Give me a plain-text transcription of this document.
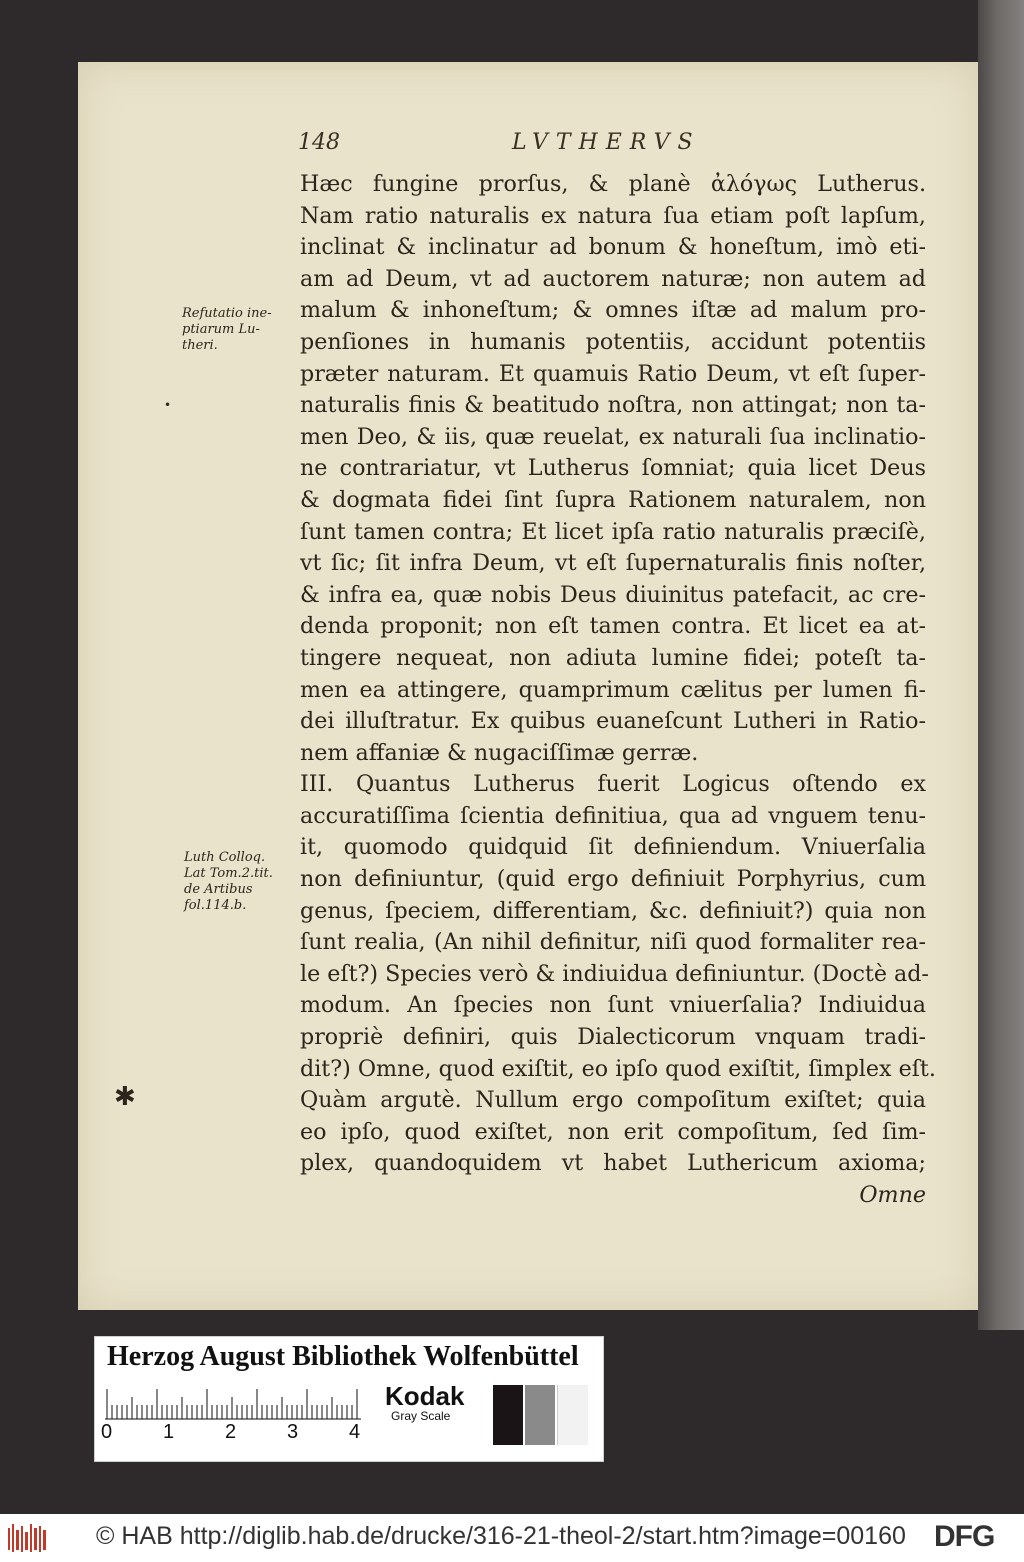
148	LVTHERVS
Refutatio ine-
ptiarum Lu-
theri.
•
Luth Colloq.
Lat Tom.2.tit.
de Artibus
fol.114.b.
✱
Hæc fungine prorſus, & planè ἀλόγως Lutherus.
Nam ratio naturalis ex natura ſua etiam poſt lapſum,
inclinat & inclinatur ad bonum & honeſtum, imò eti-
am ad Deum, vt ad auctorem naturæ; non autem ad
malum & inhoneſtum; & omnes iſtæ ad malum pro-
penſiones in humanis potentiis, accidunt potentiis
præter naturam. Et quamuis Ratio Deum, vt eſt ſuper-
naturalis finis & beatitudo noſtra, non attingat; non ta-
men Deo, & iis, quæ reuelat, ex naturali ſua inclinatio-
ne contrariatur, vt Lutherus ſomniat; quia licet Deus
& dogmata fidei ſint ſupra Rationem naturalem, non
ſunt tamen contra; Et licet ipſa ratio naturalis præciſè,
vt ſic; ſit infra Deum, vt eſt ſupernaturalis finis noſter,
& infra ea, quæ nobis Deus diuinitus patefacit, ac cre-
denda proponit; non eſt tamen contra. Et licet ea at-
tingere nequeat, non adiuta lumine fidei; poteſt ta-
men ea attingere, quamprimum cælitus per lumen fi-
dei illuſtratur. Ex quibus euaneſcunt Lutheri in Ratio-
nem affaniæ & nugaciſſimæ gerræ.
III. Quantus Lutherus fuerit Logicus oſtendo ex
accuratiſſima ſcientia definitiua, qua ad vnguem tenu-
it, quomodo quidquid ſit definiendum. Vniuerſalia
non definiuntur, (quid ergo definiuit Porphyrius, cum
genus, ſpeciem, differentiam, &c. definiuit?) quia non
ſunt realia, (An nihil definitur, niſi quod formaliter rea-
le eſt?) Species verò & indiuidua definiuntur. (Doctè ad-
modum. An ſpecies non ſunt vniuerſalia? Indiuidua
propriè definiri, quis Dialecticorum vnquam tradi-
dit?) Omne, quod exiſtit, eo ipſo quod exiſtit, ſimplex eſt.
Quàm argutè. Nullum ergo compoſitum exiſtet; quia
eo ipſo, quod exiſtet, non erit compoſitum, ſed ſim-
plex, quandoquidem vt habet Luthericum axioma;
Omne
Herzog August Bibliothek Wolfenbüttel
0	1	2	3	4
Kodak
Gray Scale
© HAB http://diglib.hab.de/drucke/316-21-theol-2/start.htm?image=00160 DFG
